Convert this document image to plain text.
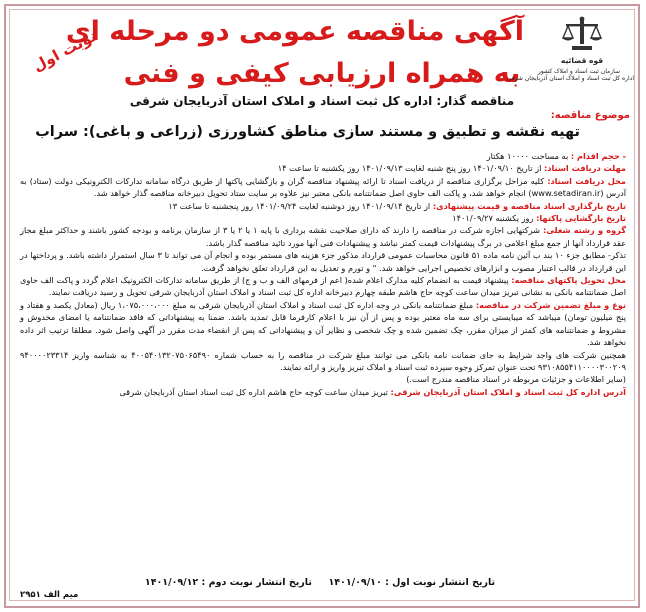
آگهی مناقصه عمومی دو مرحله ای
به همراه ارزیابی کیفی و فنی
نوبت اول	قوه قضائیه
سازمان ثبت اسناد و املاک کشور
اداره کل ثبت اسناد و املاک استان آذربایجان شرقی
مناقصه گذار: اداره کل ثبت اسناد و املاک استان آذربایجان شرقی
موضوع مناقصه:
تهیه نقشه و تطبیق و مستند سازی مناطق کشاورزی (زراعی و باغی): سراب

- حجم اقدام : به مساحت ۱۰۰۰۰ هکتار

مهلت دریافت اسناد: از تاریخ ۱۴۰۱/۰۹/۱۰ روز پنج شنبه لغایت ۱۴۰۱/۰۹/۱۳ روز یکشنبه تا ساعت ۱۴

محل دریافت اسناد: کلیه مراحل برگزاری مناقصه از دریافت اسناد تا ارائه پیشنهاد مناقصه گران و بازگشایی پاکتها از طریق درگاه سامانه تدارکات الکترونیکی دولت (ستاد) به آدرس (www.setadiran.ir) انجام خواهد شد، و پاکت الف حاوی اصل ضمانتنامه بانکی معتبر نیز علاوه بر سایت ستاد تحویل دبیرخانه مناقصه گذار خواهد شد.

تاریخ بارگذاری اسناد مناقصه و قیمت پیشنهادی: از تاریخ ۱۴۰۱/۰۹/۱۴ روز دوشنبه لغایت ۱۴۰۱/۰۹/۲۴ روز پنجشنبه تا ساعت ۱۳

تاریخ بازگشایی پاکتها: روز یکشنبه ۱۴۰۱/۰۹/۲۷

گروه و رشته شغلی: شرکتهایی اجازه شرکت در مناقصه را دارند که دارای صلاحیت نقشه برداری با پایه ۱ یا ۲ یا ۳ از سازمان برنامه و بودجه کشور باشند و حداکثر مبلغ مجاز عقد قرارداد آنها از جمع مبلغ اعلامی در برگ پیشنهادات قیمت کمتر نباشد و پیشنهادات فنی آنها مورد تائید مناقصه گذار باشد.

تذکر- مطابق جزء ۱۰ بند ب آئین نامه ماده ۵۱ قانون محاسبات عمومی قرارداد مذکور جزء هزینه های مستمر بوده و انجام آن می تواند تا ۳ سال استمرار داشته باشد. و پرداختها در این قرارداد در قالب اعتبار مصوب و ابزارهای تخصیص اجرایی خواهد شد. " و تورم و تعدیل به این قرارداد تعلق نخواهد گرفت.

محل تحویل پاکتهای مناقصه: پیشنهاد قیمت به انضمام کلیه مدارک اعلام شده( اعم از فرمهای الف و ب و ج) از طریق سامانه تدارکات الکترونیک اعلام گردد و پاکت الف حاوی اصل ضمانتنامه بانکی به نشانی تبریز میدان ساعت کوچه حاج هاشم طبقه چهارم دبیرخانه اداره کل ثبت اسناد و املاک استان آذربایجان شرقی تحویل و رسید دریافت نمایند.

نوع و مبلغ تضمین شرکت در مناقصه: مبلغ ضمانتنامه بانکی در وجه اداره کل ثبت اسناد و املاک استان آذربایجان شرقی به مبلغ ۱،۰۷۵،۰۰۰،۰۰۰ ریال (معادل یکصد و هفتاد و پنج میلیون تومان) میباشد که میبایستی برای سه ماه معتبر بوده و پس از آن نیز با اعلام کارفرما قابل تمدید باشد. ضمنا به پیشنهاداتی که فاقد ضمانتنامه یا امضای مخدوش و مشروط و ضمانتنامه های کمتر از میزان مقرر، چک تضمین شده و چک شخصی و نظایر آن و پیشنهاداتی که پس از انقضاء مدت مقرر در آگهی واصل شود. مطلقا ترتیب اثر داده نخواهد شد.

همچنین شرکت های واجد شرایط به جای ضمانت نامه بانکی می توانند مبلغ شرکت در مناقصه را به حساب شماره ۴۰۰۵۴۰۱۳۲۰۷۵۰۶۵۴۹۰ به شناسه واریز ۹۴۰۰۰۰۲۳۳۱۴ ۹۳۱۰۸۵۵۴۱۱۰۰۰۰۳۰۰۲۰۹ تحت عنوان تمرکز وجوه سپرده ثبت اسناد و املاک تبریز واریز و ارائه نمایند.

(سایر اطلاعات و جزئیات مربوطه در اسناد مناقصه مندرج است.)

آدرس اداره کل ثبت اسناد و املاک استان آذربایجان شرقی: تبریز میدان ساعت کوچه حاج هاشم اداره کل ثبت اسناد استان آذربایجان شرقی

تاریخ انتشار نوبت اول : ۱۴۰۱/۰۹/۱۰     تاریخ انتشار نوبت دوم : ۱۴۰۱/۰۹/۱۲
میم الف ۲۹۵۱
